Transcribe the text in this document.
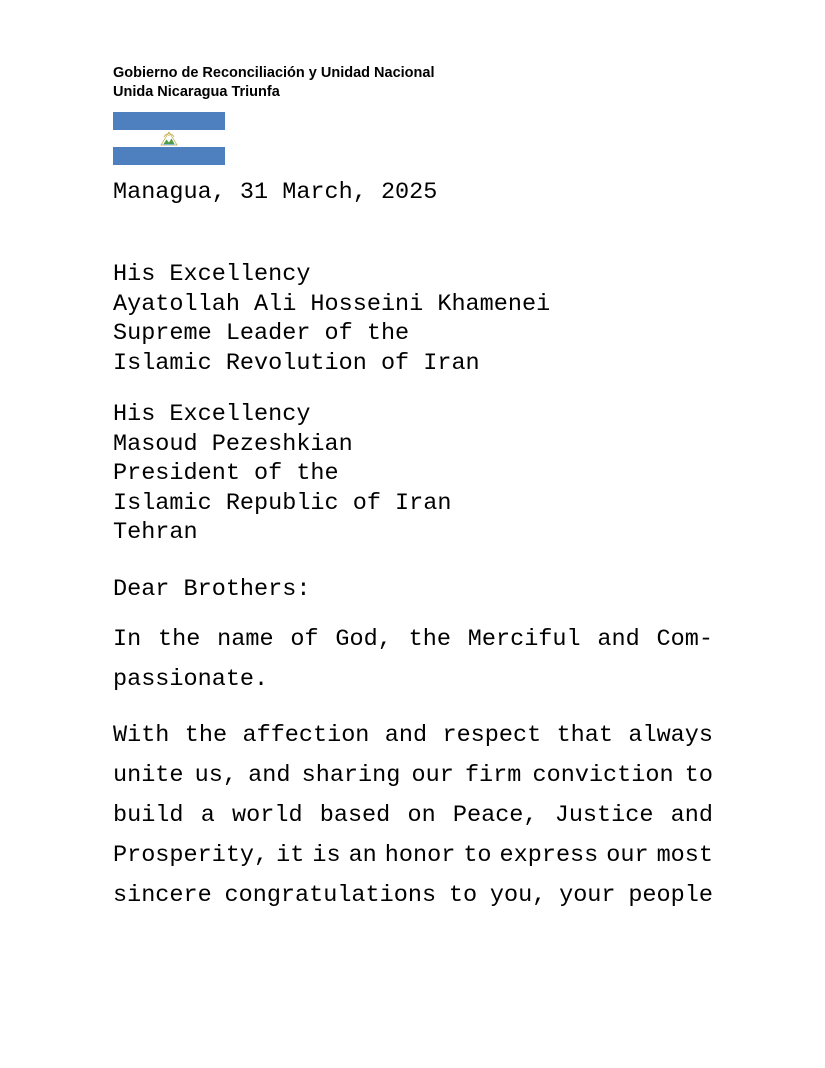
Gobierno de Reconciliación y Unidad Nacional
Unida Nicaragua Triunfa
Managua, 31 March, 2025
His Excellency
Ayatollah Ali Hosseini Khamenei
Supreme Leader of the
Islamic Revolution of Iran
His Excellency
Masoud Pezeshkian
President of the
Islamic Republic of Iran
Tehran
Dear Brothers:
In the name of God, the Merciful and Com-
passionate.
With the affection and respect that always
unite us, and sharing our firm conviction to
build a world based on Peace, Justice and
Prosperity, it is an honor to express our most
sincere congratulations to you, your people
